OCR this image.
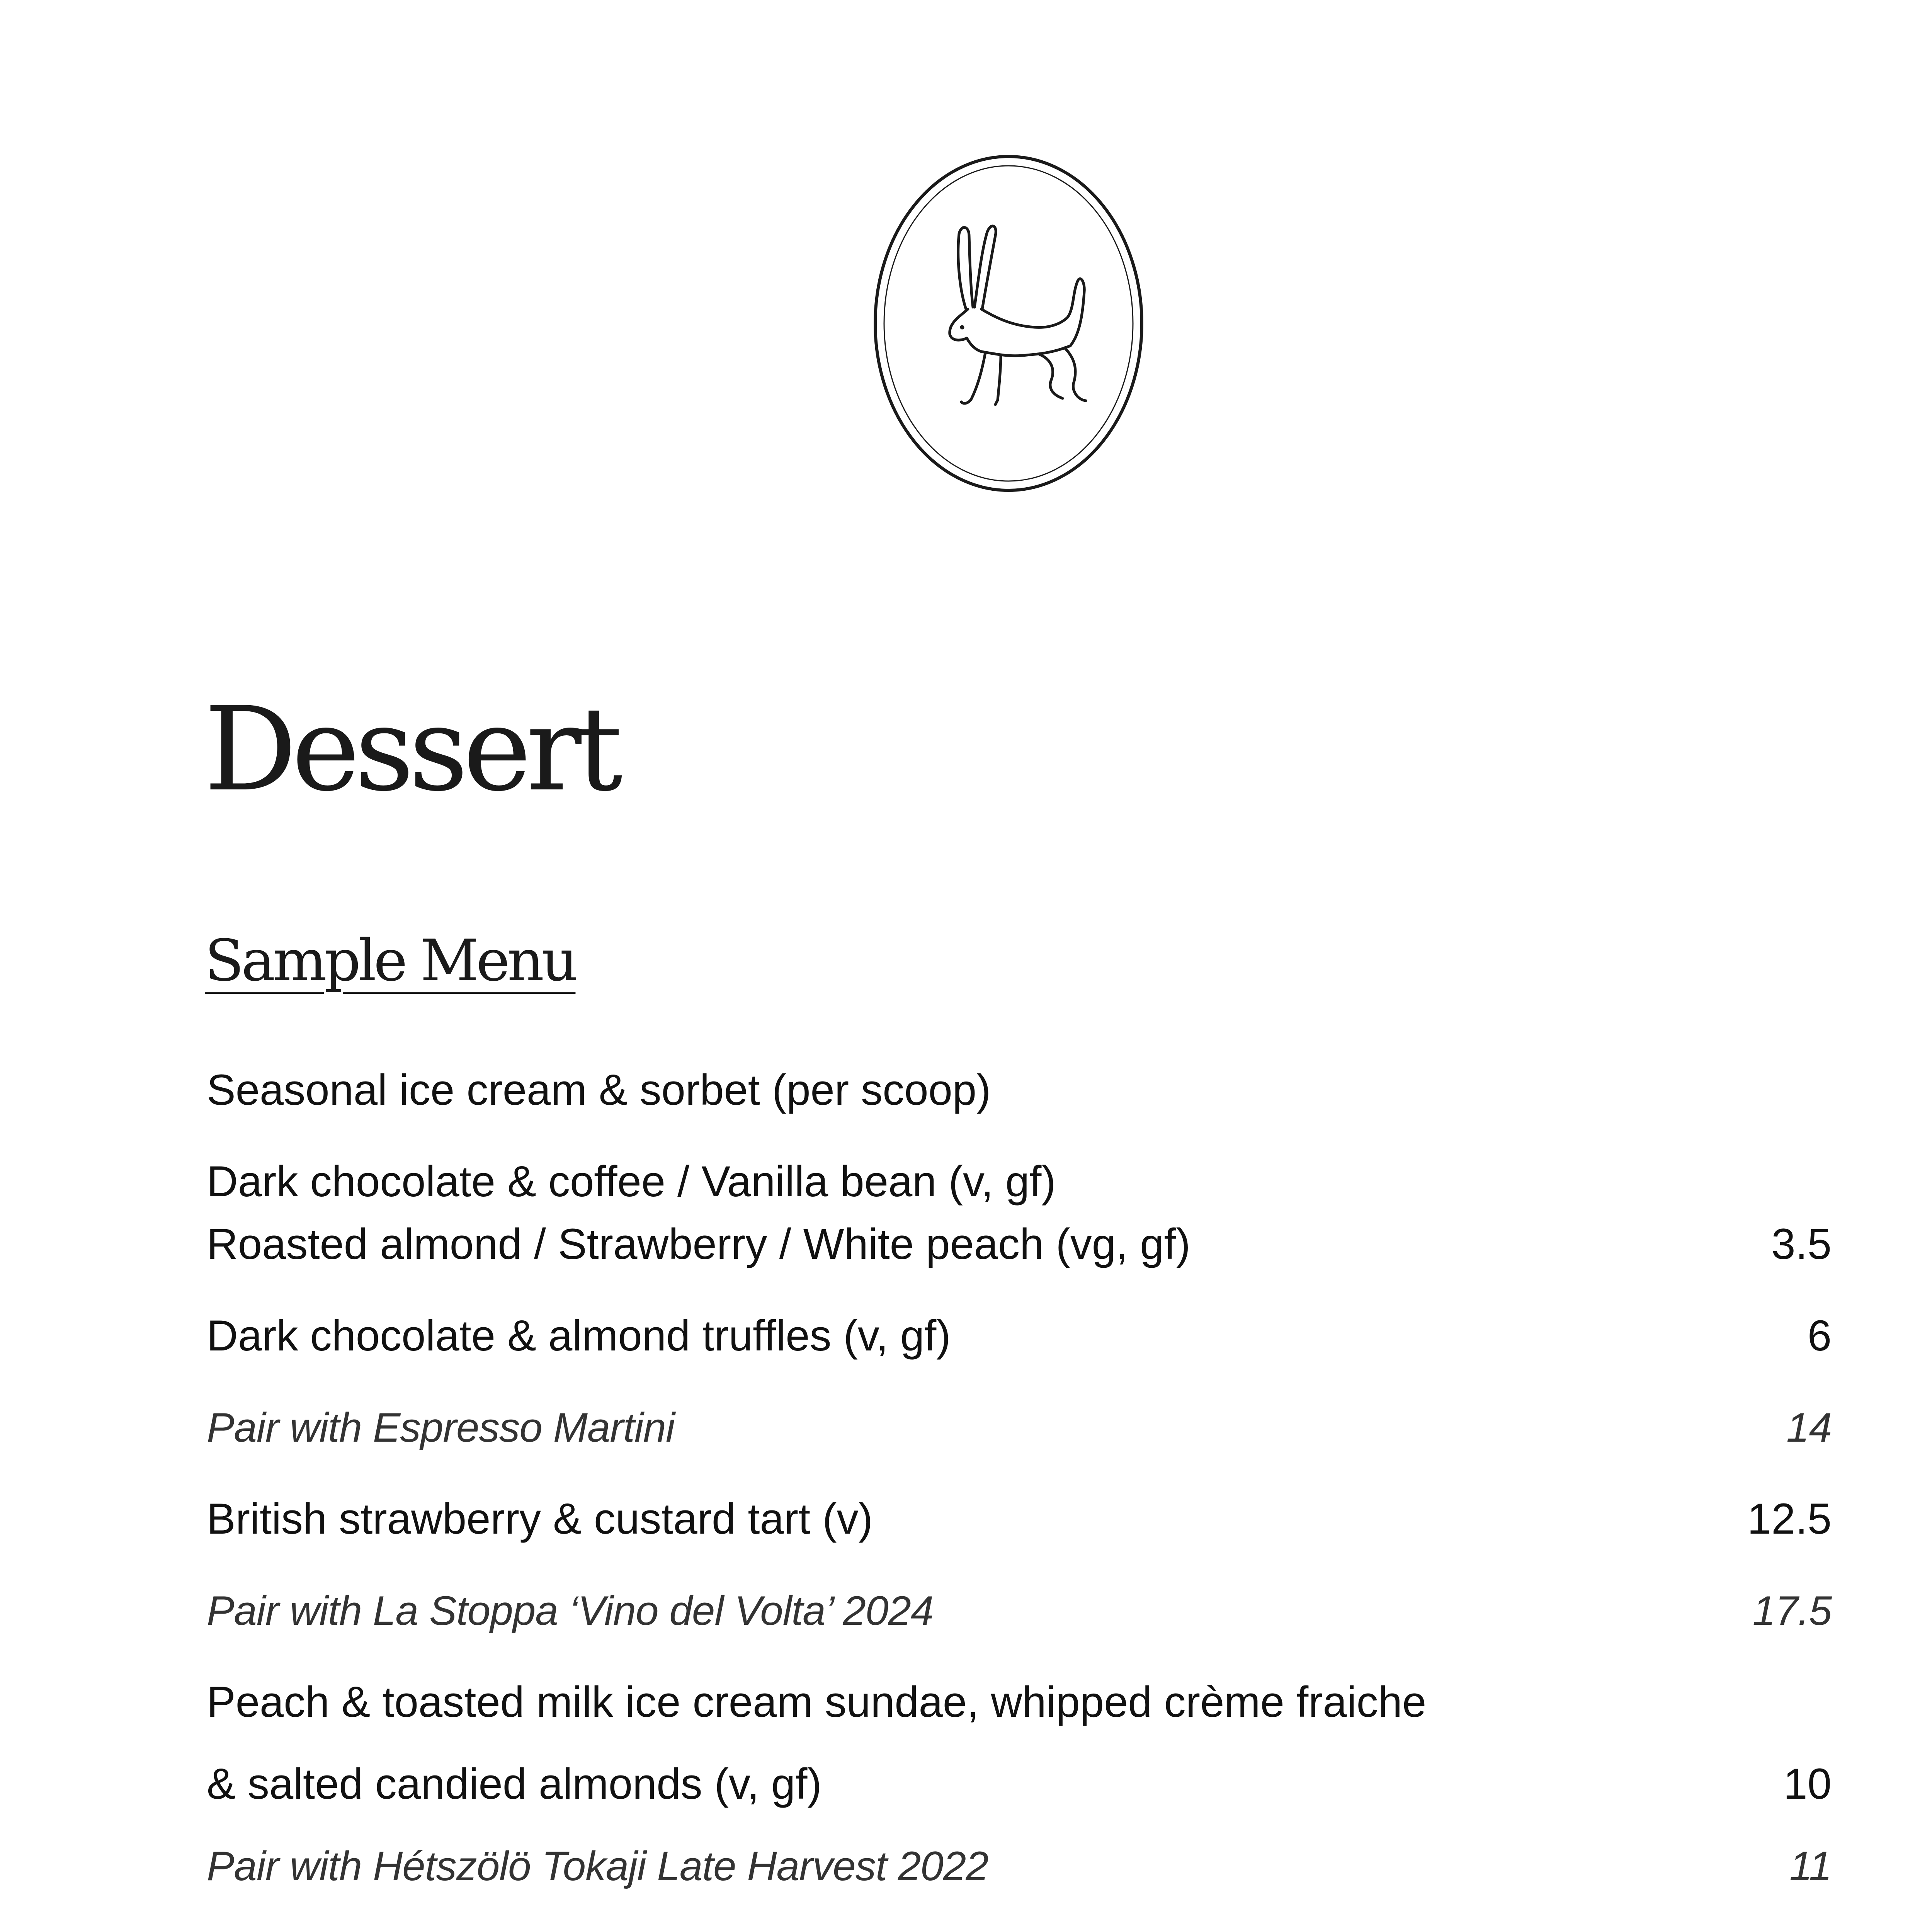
Dessert
Sample Menu
Seasonal ice cream & sorbet (per scoop)
Dark chocolate & coffee / Vanilla bean (v, gf)
Roasted almond / Strawberry / White peach (vg, gf)	3.5
Dark chocolate & almond truffles (v, gf)	6
Pair with Espresso Martini	14
British strawberry & custard tart (v)	12.5
Pair with La Stoppa ‘Vino del Volta’ 2024	17.5
Peach & toasted milk ice cream sundae, whipped crème fraiche
& salted candied almonds (v, gf)	10
Pair with Hétszölö Tokaji Late Harvest 2022	11
